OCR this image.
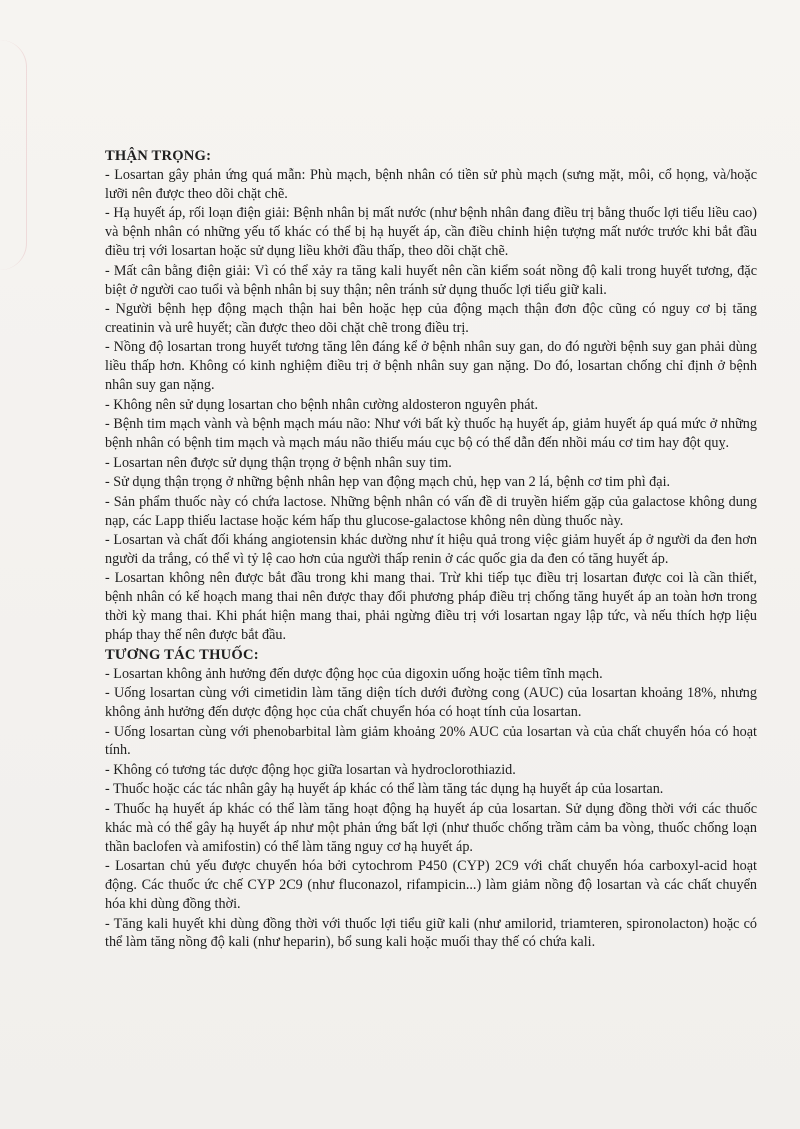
THẬN TRỌNG:

- Losartan gây phản ứng quá mẫn: Phù mạch, bệnh nhân có tiền sử phù mạch (sưng mặt, môi, cổ họng, và/hoặc lưỡi nên được theo dõi chặt chẽ.

- Hạ huyết áp, rối loạn điện giải: Bệnh nhân bị mất nước (như bệnh nhân đang điều trị bằng thuốc lợi tiểu liều cao) và bệnh nhân có những yếu tố khác có thể bị hạ huyết áp, cần điều chỉnh hiện tượng mất nước trước khi bắt đầu điều trị với losartan hoặc sử dụng liều khởi đầu thấp, theo dõi chặt chẽ.

- Mất cân bằng điện giải: Vì có thể xảy ra tăng kali huyết nên cần kiểm soát nồng độ kali trong huyết tương, đặc biệt ở người cao tuổi và bệnh nhân bị suy thận; nên tránh sử dụng thuốc lợi tiểu giữ kali.

- Người bệnh hẹp động mạch thận hai bên hoặc hẹp của động mạch thận đơn độc cũng có nguy cơ bị tăng creatinin và urê huyết; cần được theo dõi chặt chẽ trong điều trị.

- Nồng độ losartan trong huyết tương tăng lên đáng kể ở bệnh nhân suy gan, do đó người bệnh suy gan phải dùng liều thấp hơn. Không có kinh nghiệm điều trị ở bệnh nhân suy gan nặng. Do đó, losartan chống chỉ định ở bệnh nhân suy gan nặng.

- Không nên sử dụng losartan cho bệnh nhân cường aldosteron nguyên phát.

- Bệnh tim mạch vành và bệnh mạch máu não: Như với bất kỳ thuốc hạ huyết áp, giảm huyết áp quá mức ở những bệnh nhân có bệnh tim mạch và mạch máu não thiếu máu cục bộ có thể dẫn đến nhồi máu cơ tim hay đột quỵ.

- Losartan nên được sử dụng thận trọng ở bệnh nhân suy tim.

- Sử dụng thận trọng ở những bệnh nhân hẹp van động mạch chủ, hẹp van 2 lá, bệnh cơ tim phì đại.

- Sản phẩm thuốc này có chứa lactose. Những bệnh nhân có vấn đề di truyền hiếm gặp của galactose không dung nạp, các Lapp thiếu lactase hoặc kém hấp thu glucose-galactose không nên dùng thuốc này.

- Losartan và chất đối kháng angiotensin khác dường như ít hiệu quả trong việc giảm huyết áp ở người da đen hơn người da trắng, có thể vì tỷ lệ cao hơn của người thấp renin ở các quốc gia da đen có tăng huyết áp.

- Losartan không nên được bắt đầu trong khi mang thai. Trừ khi tiếp tục điều trị losartan được coi là cần thiết, bệnh nhân có kế hoạch mang thai nên được thay đổi phương pháp điều trị chống tăng huyết áp an toàn hơn trong thời kỳ mang thai. Khi phát hiện mang thai, phải ngừng điều trị với losartan ngay lập tức, và nếu thích hợp liệu pháp thay thế nên được bắt đầu.

TƯƠNG TÁC THUỐC:

- Losartan không ảnh hưởng đến dược động học của digoxin uống hoặc tiêm tĩnh mạch.

- Uống losartan cùng với cimetidin làm tăng diện tích dưới đường cong (AUC) của losartan khoảng 18%, nhưng không ảnh hưởng đến dược động học của chất chuyển hóa có hoạt tính của losartan.

- Uống losartan cùng với phenobarbital làm giảm khoảng 20% AUC của losartan và của chất chuyển hóa có hoạt tính.

- Không có tương tác dược động học giữa losartan và hydroclorothiazid.

- Thuốc hoặc các tác nhân gây hạ huyết áp khác có thể làm tăng tác dụng hạ huyết áp của losartan.

- Thuốc hạ huyết áp khác có thể làm tăng hoạt động hạ huyết áp của losartan. Sử dụng đồng thời với các thuốc khác mà có thể gây hạ huyết áp như một phản ứng bất lợi (như thuốc chống trầm cảm ba vòng, thuốc chống loạn thần baclofen và amifostin) có thể làm tăng nguy cơ hạ huyết áp.

- Losartan chủ yếu được chuyển hóa bởi cytochrom P450 (CYP) 2C9 với chất chuyển hóa carboxyl-acid hoạt động. Các thuốc ức chế CYP 2C9 (như fluconazol, rifampicin...) làm giảm nồng độ losartan và các chất chuyển hóa khi dùng đồng thời.

- Tăng kali huyết khi dùng đồng thời với thuốc lợi tiểu giữ kali (như amilorid, triamteren, spironolacton) hoặc có thể làm tăng nồng độ kali (như heparin), bổ sung kali hoặc muối thay thế có chứa kali.
